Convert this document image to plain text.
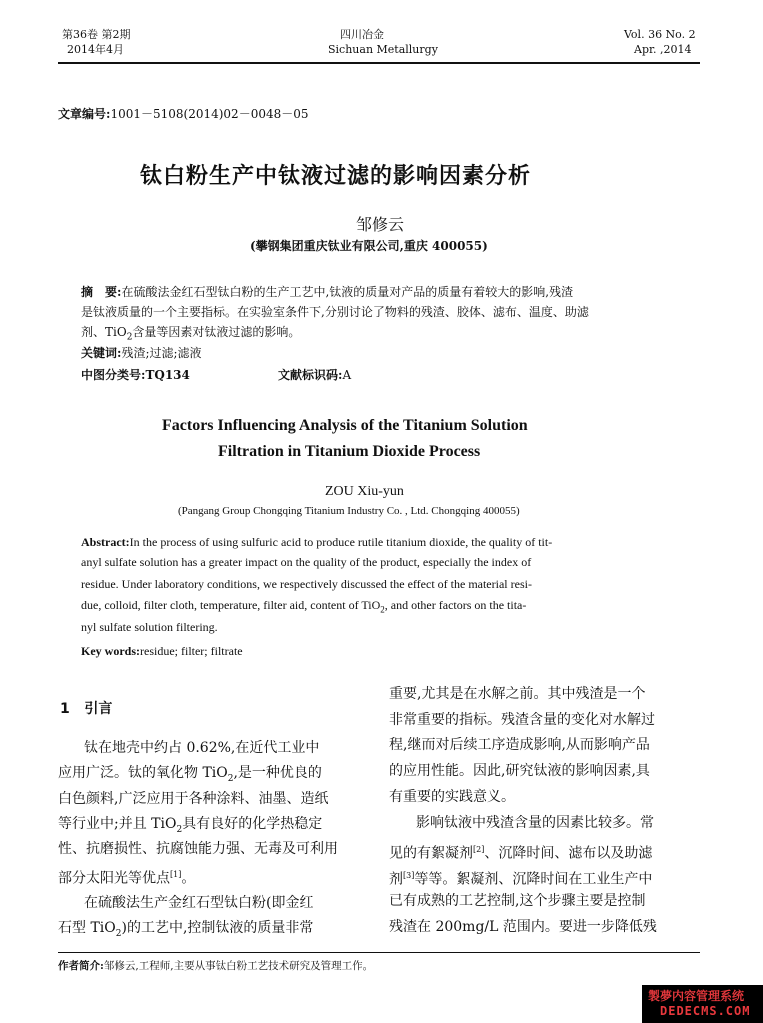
第36卷 第2期
2014年4月
四川冶金
Sichuan Metallurgy
Vol. 36 No. 2
Apr. ,2014
文章编号:1001－5108(2014)02－0048－05
钛白粉生产中钛液过滤的影响因素分析
邹修云
(攀钢集团重庆钛业有限公司,重庆 400055)
摘　要:在硫酸法金红石型钛白粉的生产工艺中,钛液的质量对产品的质量有着较大的影响,残渣
是钛液质量的一个主要指标。在实验室条件下,分别讨论了物料的残渣、胶体、滤布、温度、助滤
剂、TiO$_2$含量等因素对钛液过滤的影响。
关键词:残渣;过滤;滤液
中图分类号:TQ134	文献标识码:A
Factors Influencing Analysis of the Titanium Solution
Filtration in Titanium Dioxide Process
ZOU Xiu-yun
(Pangang Group Chongqing Titanium Industry Co. , Ltd. Chongqing 400055)
Abstract:In the process of using sulfuric acid to produce rutile titanium dioxide, the quality of tit-
anyl sulfate solution has a greater impact on the quality of the product, especially the index of
residue. Under laboratory conditions, we respectively discussed the effect of the material resi-
due, colloid, filter cloth, temperature, filter aid, content of TiO$_2$, and other factors on the tita-
nyl sulfate solution filtering.
Key words:residue; filter; filtrate
1 引言
钛在地壳中约占 0.62%,在近代工业中
应用广泛。钛的氧化物 TiO$_2$,是一种优良的
白色颜料,广泛应用于各种涂料、油墨、造纸
等行业中;并且 TiO$_2$具有良好的化学热稳定
性、抗磨损性、抗腐蚀能力强、无毒及可利用
部分太阳光等优点[1]。
在硫酸法生产金红石型钛白粉(即金红
石型 TiO$_2$)的工艺中,控制钛液的质量非常
重要,尤其是在水解之前。其中残渣是一个
非常重要的指标。残渣含量的变化对水解过
程,继而对后续工序造成影响,从而影响产品
的应用性能。因此,研究钛液的影响因素,具
有重要的实践意义。
影响钛液中残渣含量的因素比较多。常
见的有絮凝剂[2]、沉降时间、滤布以及助滤
剂[3]等等。絮凝剂、沉降时间在工业生产中
已有成熟的工艺控制,这个步骤主要是控制
残渣在 200mg/L 范围内。要进一步降低残
作者简介:邹修云,工程师,主要从事钛白粉工艺技术研究及管理工作。
製夢内容管理系统
DEDECMS.COM
